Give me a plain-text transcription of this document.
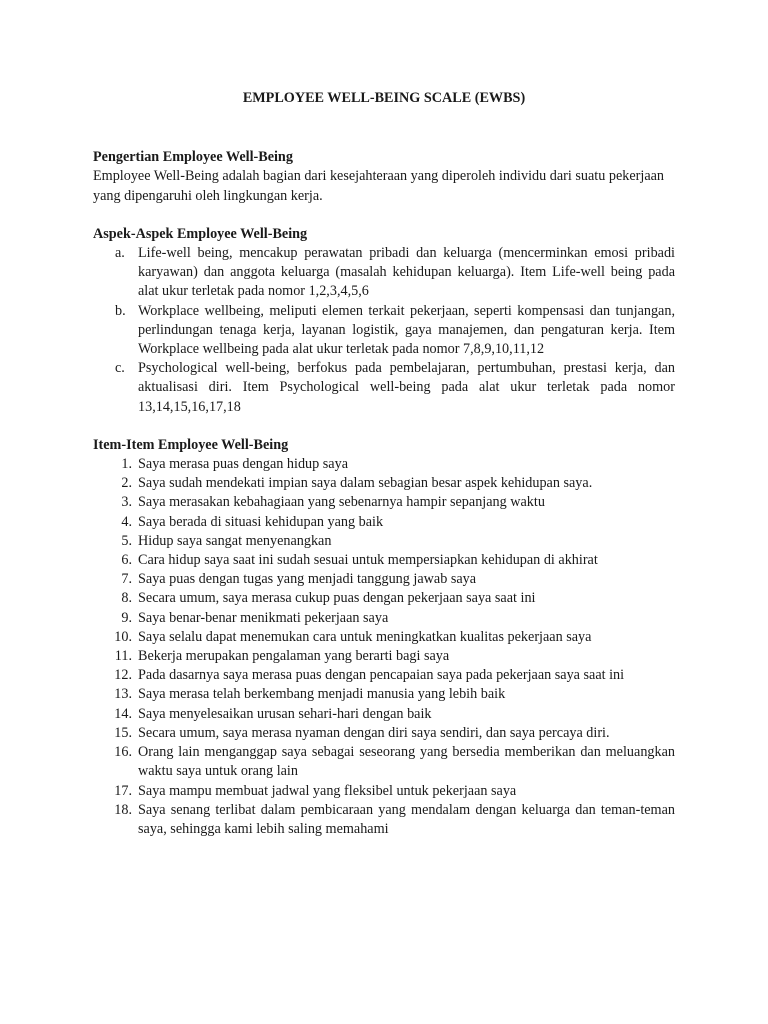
EMPLOYEE WELL-BEING SCALE (EWBS)

Pengertian Employee Well-Being

Employee Well-Being adalah bagian dari kesejahteraan yang diperoleh individu dari suatu pekerjaan yang dipengaruhi oleh lingkungan kerja.

Aspek-Aspek Employee Well-Being

a. Life-well being, mencakup perawatan pribadi dan keluarga (mencerminkan emosi pribadi karyawan) dan anggota keluarga (masalah kehidupan keluarga). Item Life-well being pada alat ukur terletak pada nomor 1,2,3,4,5,6
b. Workplace wellbeing, meliputi elemen terkait pekerjaan, seperti kompensasi dan tunjangan, perlindungan tenaga kerja, layanan logistik, gaya manajemen, dan pengaturan kerja. Item Workplace wellbeing pada alat ukur terletak pada nomor 7,8,9,10,11,12
c. Psychological well-being, berfokus pada pembelajaran, pertumbuhan, prestasi kerja, dan aktualisasi diri. Item Psychological well-being pada alat ukur terletak pada nomor 13,14,15,16,17,18

Item-Item Employee Well-Being

1. Saya merasa puas dengan hidup saya
2. Saya sudah mendekati impian saya dalam sebagian besar aspek kehidupan saya.
3. Saya merasakan kebahagiaan yang sebenarnya hampir sepanjang waktu
4. Saya berada di situasi kehidupan yang baik
5. Hidup saya sangat menyenangkan
6. Cara hidup saya saat ini sudah sesuai untuk mempersiapkan kehidupan di akhirat
7. Saya puas dengan tugas yang menjadi tanggung jawab saya
8. Secara umum, saya merasa cukup puas dengan pekerjaan saya saat ini
9. Saya benar-benar menikmati pekerjaan saya
10. Saya selalu dapat menemukan cara untuk meningkatkan kualitas pekerjaan saya
11. Bekerja merupakan pengalaman yang berarti bagi saya
12. Pada dasarnya saya merasa puas dengan pencapaian saya pada pekerjaan saya saat ini
13. Saya merasa telah berkembang menjadi manusia yang lebih baik
14. Saya menyelesaikan urusan sehari-hari dengan baik
15. Secara umum, saya merasa nyaman dengan diri saya sendiri, dan saya percaya diri.
16. Orang lain menganggap saya sebagai seseorang yang bersedia memberikan dan meluangkan waktu saya untuk orang lain
17. Saya mampu membuat jadwal yang fleksibel untuk pekerjaan saya
18. Saya senang terlibat dalam pembicaraan yang mendalam dengan keluarga dan teman-teman saya, sehingga kami lebih saling memahami
